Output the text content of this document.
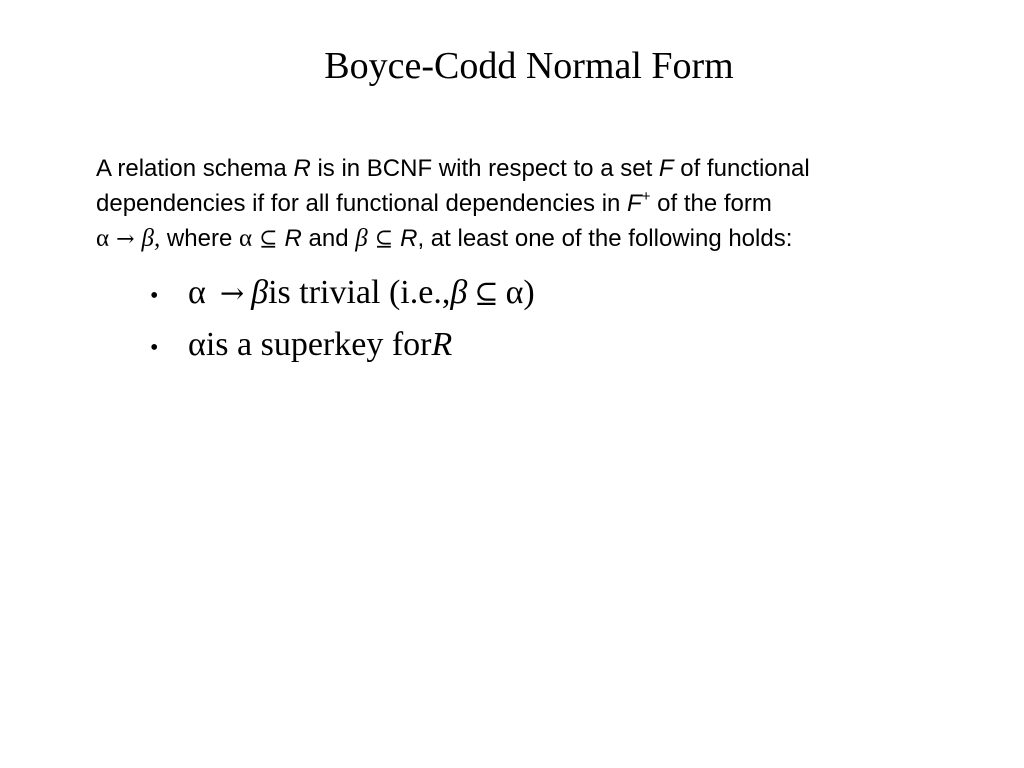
Boyce-Codd Normal Form
A relation schema R is in BCNF with respect to a set F of functional
dependencies if for all functional dependencies in F+ of the form
α → β, where α ⊆ R and β ⊆ R, at least one of the following holds:
• α → β is trivial (i.e., β ⊆ α )
• α is a superkey for R
